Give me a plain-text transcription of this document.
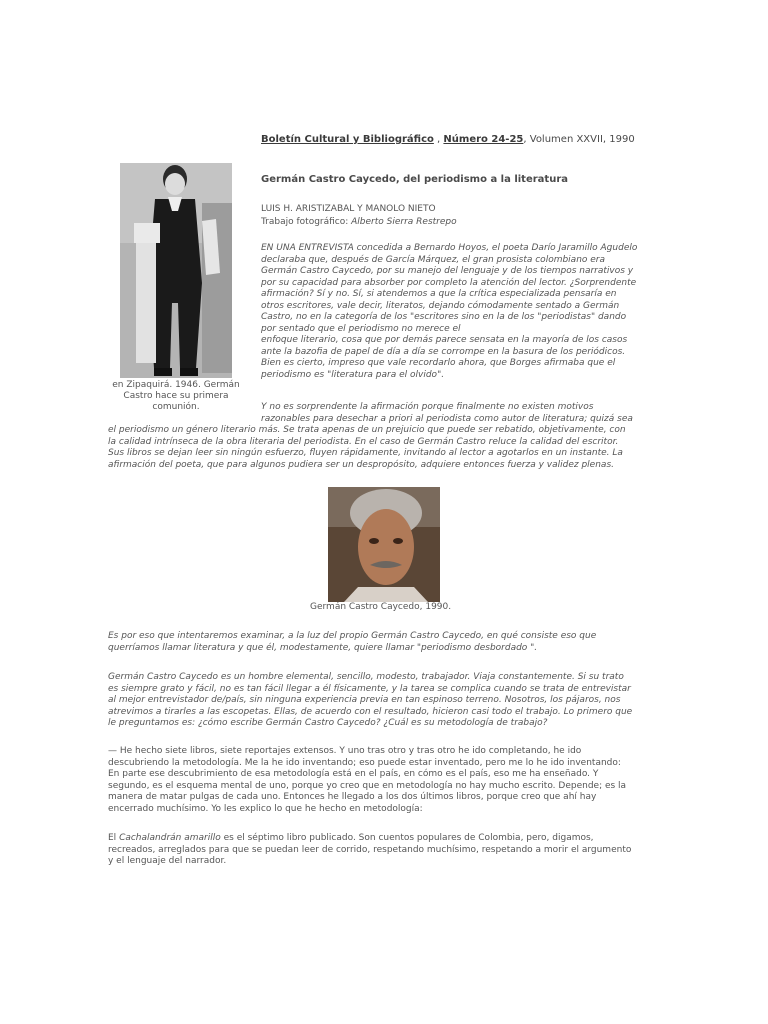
Boletín Cultural y Bibliográfico , Número 24-25, Volumen XXVII, 1990
Germán Castro Caycedo, del periodismo a la literatura
LUIS H. ARISTIZABAL Y MANOLO NIETO
Trabajo fotográfico: Alberto Sierra Restrepo
en Zipaquirá. 1946. Germán Castro hace su primera comunión.
EN UNA ENTREVISTA concedida a Bernardo Hoyos, el poeta Darío Jaramillo Agudelo
declaraba que, después de García Márquez, el gran prosista colombiano era
Germán Castro Caycedo, por su manejo del lenguaje y de los tiempos narrativos y
por su capacidad para absorber por completo la atención del lector. ¿Sorprendente
afirmación? Sí y no. Sí, si atendemos a que la crítica especializada pensaría en
otros escritores, vale decir, literatos, dejando cómodamente sentado a Germán
Castro, no en la categoría de los "escritores sino en la de los "periodistas" dando
por sentado que el periodismo no merece el
enfoque literario, cosa que por demás parece sensata en la mayoría de los casos
ante la bazofia de papel de día a día se corrompe en la basura de los periódicos.
Bien es cierto, impreso que vale recordarlo ahora, que Borges afirmaba que el
periodismo es "literatura para el olvido".
Y no es sorprendente la afirmación porque finalmente no existen motivos
razonables para desechar a priori al periodista como autor de literatura; quizá sea
el periodismo un género literario más. Se trata apenas de un prejuicio que puede ser rebatido, objetivamente, con
la calidad intrínseca de la obra literaria del periodista. En el caso de Germán Castro reluce la calidad del escritor.
Sus libros se dejan leer sin ningún esfuerzo, fluyen rápidamente, invitando al lector a agotarlos en un instante. La
afirmación del poeta, que para algunos pudiera ser un despropósito, adquiere entonces fuerza y validez plenas.
Germán Castro Caycedo, 1990.
Es por eso que intentaremos examinar, a la luz del propio Germán Castro Caycedo, en qué consiste eso que
querríamos llamar literatura y que él, modestamente, quiere llamar "periodismo desbordado ".
Germán Castro Caycedo es un hombre elemental, sencillo, modesto, trabajador. Viaja constantemente. Si su trato
es siempre grato y fácil, no es tan fácil llegar a él físicamente, y la tarea se complica cuando se trata de entrevistar
al mejor entrevistador de/país, sin ninguna experiencia previa en tan espinoso terreno. Nosotros, los pájaros, nos
atrevimos a tirarles a las escopetas. Ellas, de acuerdo con el resultado, hicieron casi todo el trabajo. Lo primero que
le preguntamos es: ¿cómo escribe Germán Castro Caycedo? ¿Cuál es su metodología de trabajo?
— He hecho siete libros, siete reportajes extensos. Y uno tras otro y tras otro he ido completando, he ido
descubriendo la metodología. Me la he ido inventando; eso puede estar inventado, pero me lo he ido inventando:
En parte ese descubrimiento de esa metodología está en el país, en cómo es el país, eso me ha enseñado. Y
segundo, es el esquema mental de uno, porque yo creo que en metodología no hay mucho escrito. Depende; es la
manera de matar pulgas de cada uno. Entonces he llegado a los dos últimos libros, porque creo que ahí hay
encerrado muchísimo. Yo les explico lo que he hecho en metodología:
El Cachalandrán amarillo es el séptimo libro publicado. Son cuentos populares de Colombia, pero, digamos,
recreados, arreglados para que se puedan leer de corrido, respetando muchísimo, respetando a morir el argumento
y el lenguaje del narrador.
